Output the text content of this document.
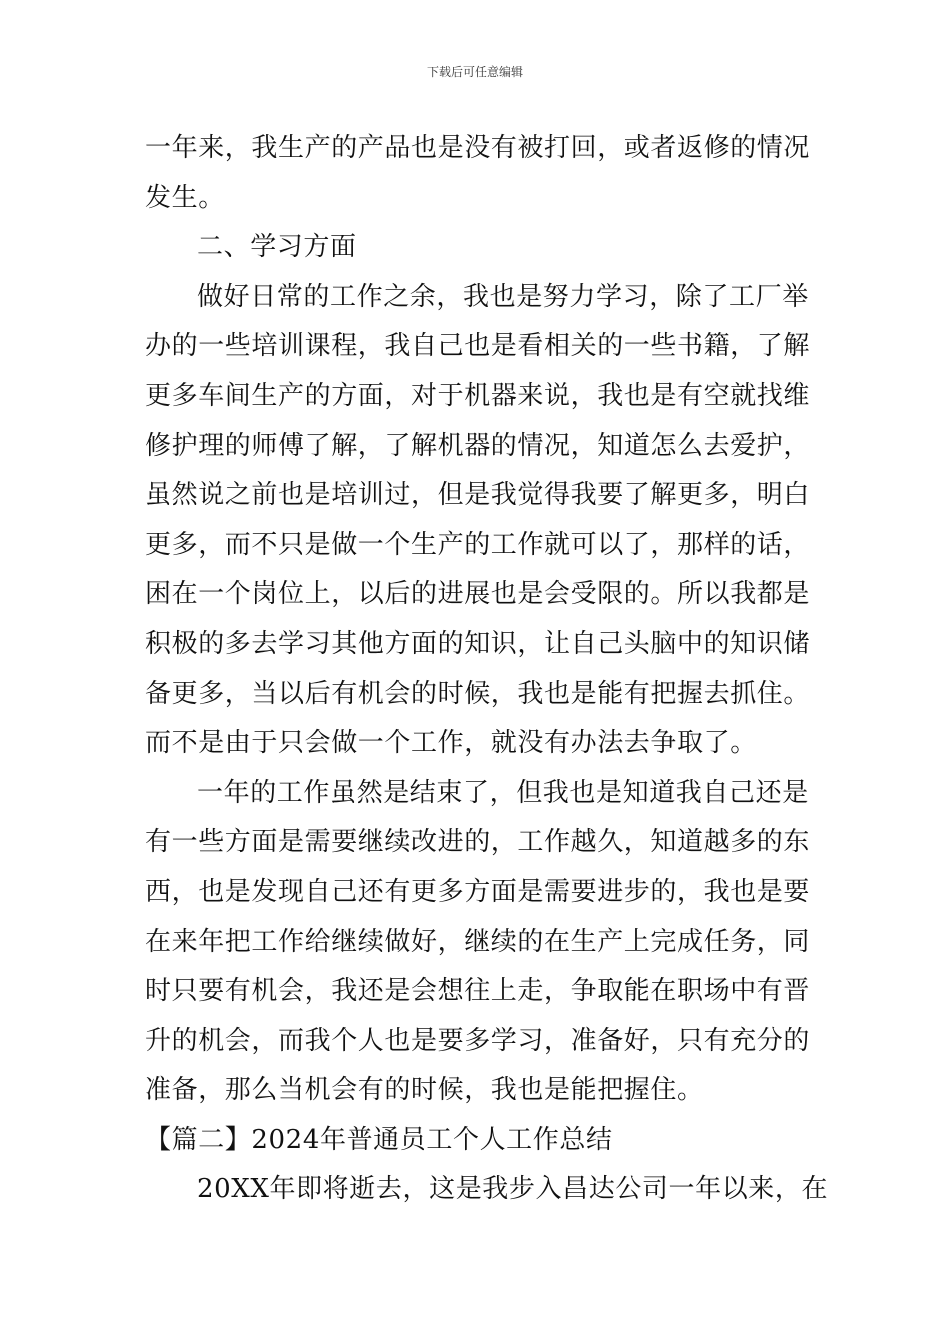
下载后可任意编辑
一年来，我生产的产品也是没有被打回，或者返修的情况
发生。
二、学习方面
做好日常的工作之余，我也是努力学习，除了工厂举
办的一些培训课程，我自己也是看相关的一些书籍，了解
更多车间生产的方面，对于机器来说，我也是有空就找维
修护理的师傅了解，了解机器的情况，知道怎么去爱护，
虽然说之前也是培训过，但是我觉得我要了解更多，明白
更多，而不只是做一个生产的工作就可以了，那样的话，
困在一个岗位上，以后的进展也是会受限的。所以我都是
积极的多去学习其他方面的知识，让自己头脑中的知识储
备更多，当以后有机会的时候，我也是能有把握去抓住。
而不是由于只会做一个工作，就没有办法去争取了。
一年的工作虽然是结束了，但我也是知道我自己还是
有一些方面是需要继续改进的，工作越久，知道越多的东
西，也是发现自己还有更多方面是需要进步的，我也是要
在来年把工作给继续做好，继续的在生产上完成任务，同
时只要有机会，我还是会想往上走，争取能在职场中有晋
升的机会，而我个人也是要多学习，准备好，只有充分的
准备，那么当机会有的时候，我也是能把握住。
【篇二】2024年普通员工个人工作总结
20XX年即将逝去，这是我步入昌达公司一年以来，在
